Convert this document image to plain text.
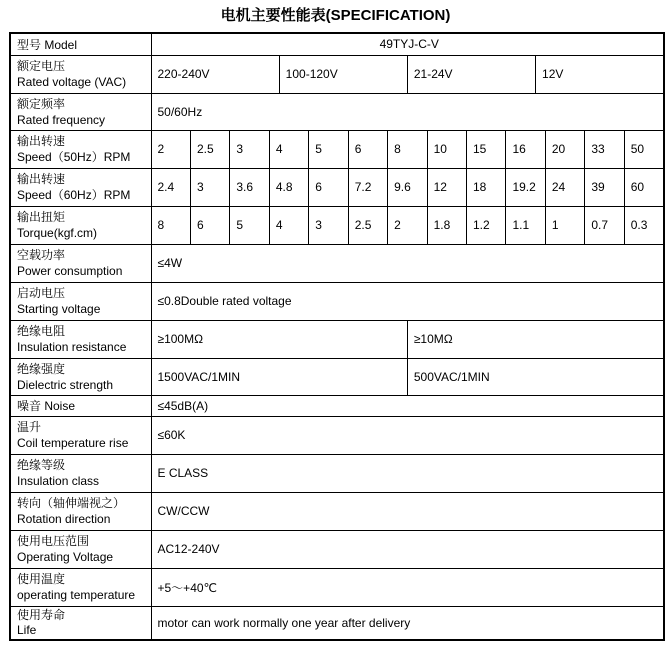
电机主要性能表(SPECIFICATION)
型号 Model	49TYJ-C-V															

额定电压
Rated voltage (VAC)	220-240V				100-120V				21-24V				12V			

额定频率
Rated frequency	50/60Hz															

输出转速
Speed（50Hz）RPM	2	2.5	3	4		5	6	8		10	15	16		20	33	50

输出转速
Speed（60Hz）RPM	2.4	3	3.6	4.8		6	7.2	9.6		12	18	19.2		24	39	60

输出扭矩
Torque(kgf.cm)	8	6	5	4		3	2.5	2		1.8	1.2	1.1		1	0.7	0.3

空载功率
Power consumption	≤4W															

启动电压
Starting voltage	≤0.8Double rated voltage															

绝缘电阻
Insulation resistance	≥100MΩ								≥10MΩ							

绝缘强度
Dielectric strength	1500VAC/1MIN								500VAC/1MIN							
噪音 Noise	≤45dB(A)															

温升
Coil temperature rise	≤60K															

绝缘等级
Insulation class	E CLASS															

转向（轴伸端视之）
Rotation direction	CW/CCW															

使用电压范围
Operating Voltage	AC12-240V															

使用温度
operating temperature	+5～+40℃															

使用寿命
Life	motor can work normally one year after delivery															
